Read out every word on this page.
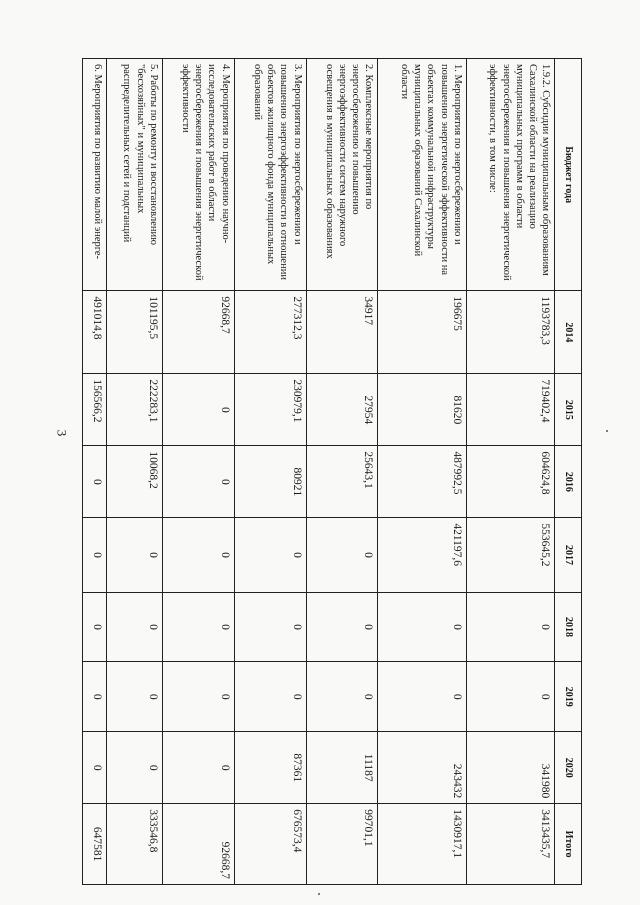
3
Бюджет года	2014	2015	2016	2017	2018	2019	2020	Итого
1.9.2. Субсидии муниципальным образованиям Сахалинской области на реализацию муниципальных программ в области энергосбережения и повышения энергетической эффективности, в том числе:	1193783,3	719402,4	604624,8	553645,2	0	0	341980	3413435,7
1. Мероприятия по энергосбережению и повышению энергетической эффективности на объектах коммунальной инфраструктуры муниципальных образований Сахалинской области	196675	81620	487992,5	421197,6	0	0	243432	1430917,1
2. Комплексные мероприятия по энергосбережению и повышению энергоэффективности систем наружного освещения в муниципальных образованиях	34917	27954	25643,1	0	0	0	11187	99701,1
3. Мероприятия по энергосбережению и повышению энергоэффективности в отношении объектов жилищного фонда муниципальных образований	277312,3	230979,1	80921	0	0	0	87361	676573,4
4. Мероприятия по проведению научно-исследовательских работ в области энергосбережения и повышения энергетической эффективности	92668,7	0	0	0	0	0	0	92668,7
5. Работы по ремонту и восстановлению "бесхозяйных" и муниципальных распределительных сетей и подстанций	101195,5	222283,1	10068,2	0	0	0	0	333546,8
6. Мероприятия по развитию малой энерге-	491014,8	156566,2	0	0	0	0	0	647581
